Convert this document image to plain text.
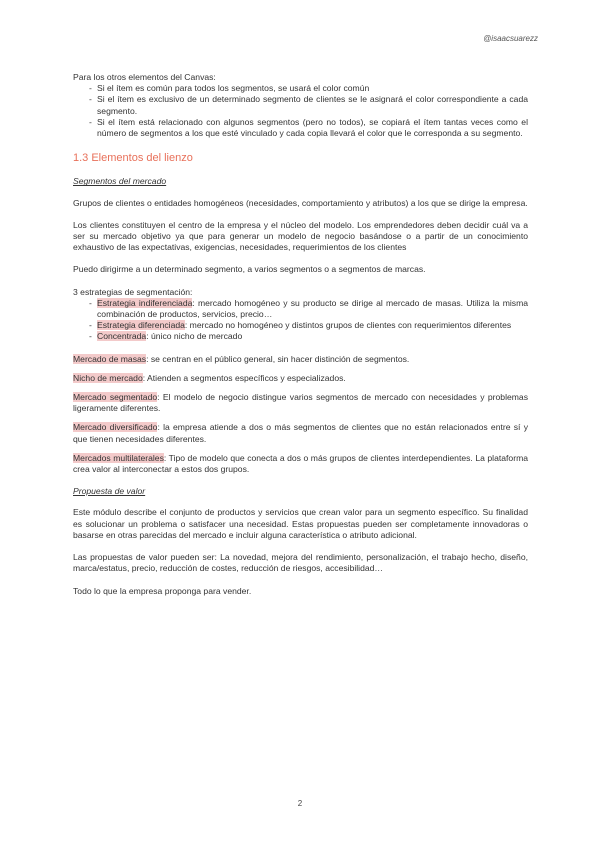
@isaacsuarezz

Para los otros elementos del Canvas:

- Si el ítem es común para todos los segmentos, se usará el color común
- Si el ítem es exclusivo de un determinado segmento de clientes se le asignará el color correspondiente a cada segmento.
- Si el ítem está relacionado con algunos segmentos (pero no todos), se copiará el ítem tantas veces como el número de segmentos a los que esté vinculado y cada copia llevará el color que le corresponda a su segmento.
1.3 Elementos del lienzo
Segmentos del mercado

Grupos de clientes o entidades homogéneos (necesidades, comportamiento y atributos) a los que se dirige la empresa.

Los clientes constituyen el centro de la empresa y el núcleo del modelo. Los emprendedores deben decidir cuál va a ser su mercado objetivo ya que para generar un modelo de negocio basándose o a partir de un conocimiento exhaustivo de las expectativas, exigencias, necesidades, requerimientos de los clientes

Puedo dirigirme a un determinado segmento, a varios segmentos o a segmentos de marcas.

3 estrategias de segmentación:

- Estrategia indiferenciada: mercado homogéneo y su producto se dirige al mercado de masas. Utiliza la misma combinación de productos, servicios, precio…
- Estrategia diferenciada: mercado no homogéneo y distintos grupos de clientes con requerimientos diferentes
- Concentrada: único nicho de mercado

Mercado de masas: se centran en el público general, sin hacer distinción de segmentos.

Nicho de mercado: Atienden a segmentos específicos y especializados.

Mercado segmentado: El modelo de negocio distingue varios segmentos de mercado con necesidades y problemas ligeramente diferentes.

Mercado diversificado: la empresa atiende a dos o más segmentos de clientes que no están relacionados entre sí y que tienen necesidades diferentes.

Mercados multilaterales: Tipo de modelo que conecta a dos o más grupos de clientes interdependientes. La plataforma crea valor al interconectar a estos dos grupos.

Propuesta de valor

Este módulo describe el conjunto de productos y servicios que crean valor para un segmento específico. Su finalidad es solucionar un problema o satisfacer una necesidad. Estas propuestas pueden ser completamente innovadoras o basarse en otras parecidas del mercado e incluir alguna característica o atributo adicional.

Las propuestas de valor pueden ser: La novedad, mejora del rendimiento, personalización, el trabajo hecho, diseño, marca/estatus, precio, reducción de costes, reducción de riesgos, accesibilidad…

Todo lo que la empresa proponga para vender.

2
